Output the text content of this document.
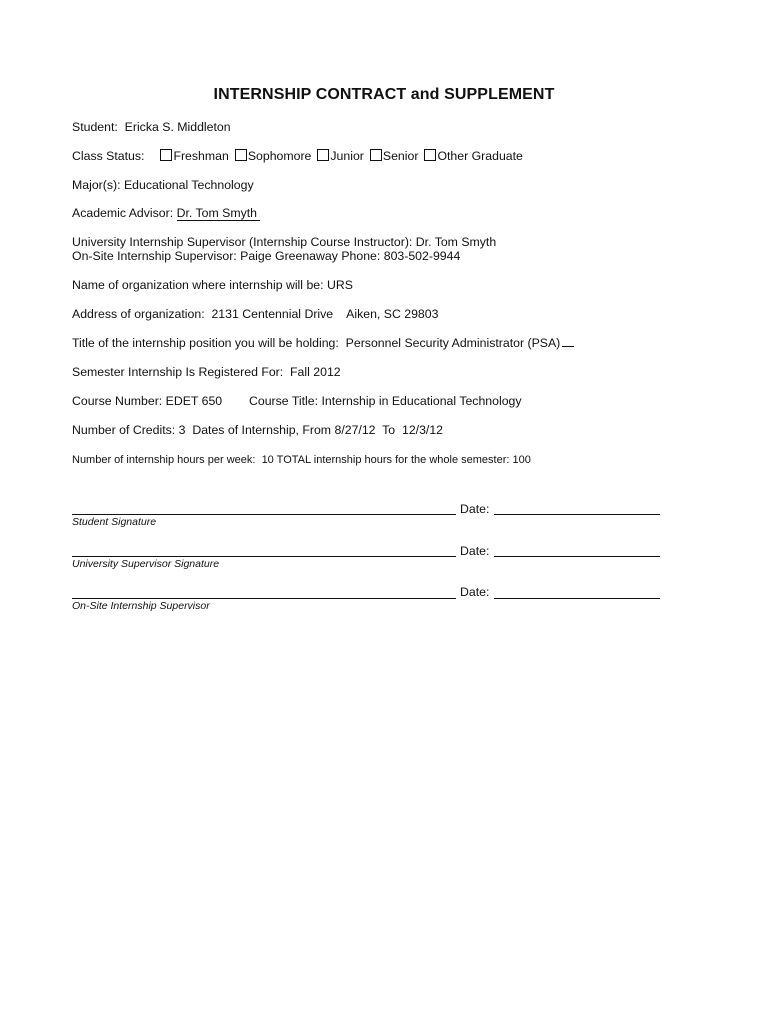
INTERNSHIP CONTRACT and SUPPLEMENT
Student: Ericka S. Middleton
Class Status: Freshman Sophomore Junior Senior Other Graduate
Major(s): Educational Technology
Academic Advisor: Dr. Tom Smyth
University Internship Supervisor (Internship Course Instructor): Dr. Tom Smyth
On-Site Internship Supervisor: Paige Greenaway Phone: 803-502-9944
Name of organization where internship will be: URS
Address of organization: 2131 Centennial Drive Aiken, SC 29803
Title of the internship position you will be holding: Personnel Security Administrator (PSA)
Semester Internship Is Registered For: Fall 2012
Course Number: EDET 650 Course Title: Internship in Educational Technology
Number of Credits: 3 Dates of Internship, From 8/27/12 To 12/3/12
Number of internship hours per week: 10 TOTAL internship hours for the whole semester: 100
Date:
Student Signature
Date:
University Supervisor Signature
Date:
On-Site Internship Supervisor
